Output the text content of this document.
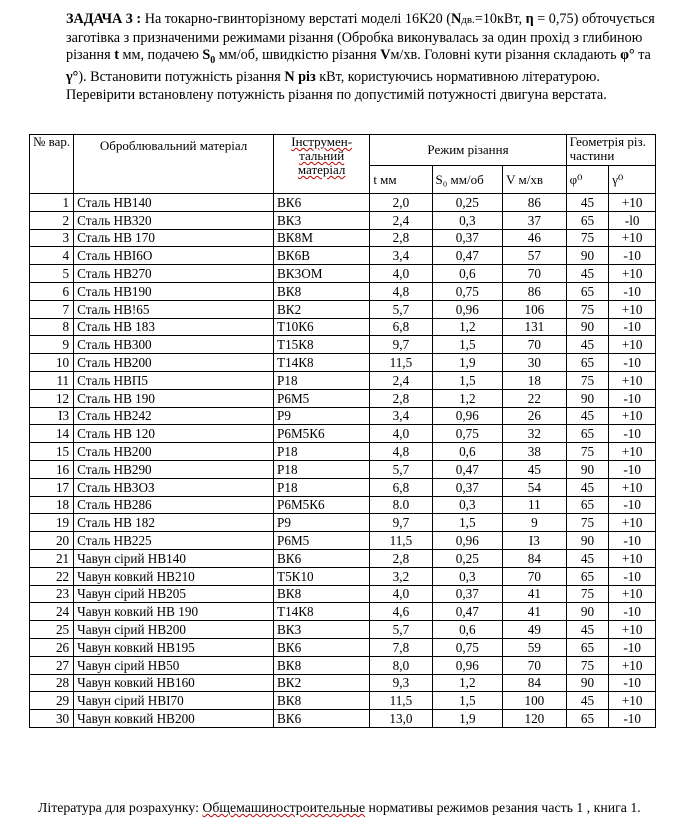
ЗАДАЧА 3 : На токарно-гвинторізному верстаті моделі 16К20 (Nдв.=10кВт, η = 0,75) обточується заготівка з призначеними режимами різання (Обробка виконувалась за один прохід з глибиною різання t мм, подачею $S_0$ мм/об, швидкістю різання Vм/хв. Головні кути різання складають φ° та γ°). Встановити потужність різання N різ кВт, користуючись нормативною літературою. Перевірити встановлену потужність різання по допустимій потужності двигуна верстата.
№ вар.	Оброблювальний матеріал	Інструмен-тальний матеріал	Режим різання			Геометрія різ. частини	
			t мм	S₀ мм/об	V м/хв	φ⁰	γ⁰
1	Сталь НВ140	ВК6	2,0	0,25	86	45	+10
2	Сталь НВ320	ВК3	2,4	0,3	37	65	-l0
3	Сталь НВ 170	ВК8М	2,8	0,37	46	75	+10
4	Сталь НВI6О	ВК6В	3,4	0,47	57	90	-10
5	Сталь НВ270	ВК3ОМ	4,0	0,6	70	45	+10
6	Сталь НВ190	ВК8	4,8	0,75	86	65	-10
7	Сталь НВ!65	ВК2	5,7	0,96	106	75	+10
8	Сталь НВ 183	Т10К6	6,8	1,2	131	90	-10
9	Сталь НВ300	Т15К8	9,7	1,5	70	45	+10
10	Сталь НВ200	Т14К8	11,5	1,9	30	65	-10
11	Сталь НВП5	Р18	2,4	1,5	18	75	+10
12	Сталь НВ 190	Р6М5	2,8	1,2	22	90	-10
I3	Сталь НВ242	Р9	3,4	0,96	26	45	+10
14	Сталь НВ 120	Р6М5К6	4,0	0,75	32	65	-10
15	Сталь НВ200	Р18	4,8	0,6	38	75	+10
16	Сталь НВ290	Р18	5,7	0,47	45	90	-10
17	Сталь НВ3ОЗ	Р18	6,8	0,37	54	45	+10
18	Сталь НВ286	Р6М5К6	8.0	0,3	11	65	-10
19	Сталь НВ 182	Р9	9,7	1,5	9	75	+10
20	Сталь НВ225	Р6М5	11,5	0,96	I3	90	-10
21	Чавун сірий НВ140	ВК6	2,8	0,25	84	45	+10
22	Чавун ковкий НВ210	Т5К10	3,2	0,3	70	65	-10
23	Чавун сірий НВ205	ВК8	4,0	0,37	41	75	+10
24	Чавун ковкий НВ 190	Т14К8	4,6	0,47	41	90	-10
25	Чавун сірий НВ200	ВК3	5,7	0,6	49	45	+10
26	Чавун ковкий НВ195	ВК6	7,8	0,75	59	65	-10
27	Чавун сірий НВ50	ВК8	8,0	0,96	70	75	+10
28	Чавун ковкий НВ160	ВК2	9,3	1,2	84	90	-10
29	Чавун сірий НВI70	ВК8	11,5	1,5	100	45	+10
30	Чавун ковкий НВ200	ВК6	13,0	1,9	120	65	-10
Література для розрахунку: Общемашиностроительные нормативы режимов резания часть 1 , книга 1.
